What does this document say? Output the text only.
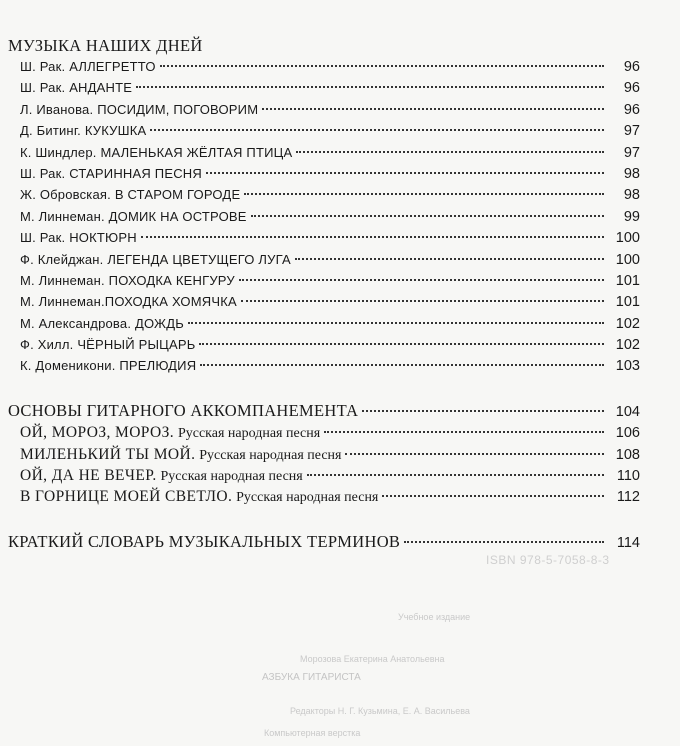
МУЗЫКА НАШИХ ДНЕЙ
Ш. Рак. АЛЛЕГРЕТТО	96
Ш. Рак. АНДАНТЕ	96
Л. Иванова. ПОСИДИМ, ПОГОВОРИМ	96
Д. Битинг. КУКУШКА	97
К. Шиндлер. МАЛЕНЬКАЯ ЖЁЛТАЯ ПТИЦА	97
Ш. Рак. СТАРИННАЯ ПЕСНЯ	98
Ж. Обровская. В СТАРОМ ГОРОДЕ	98
М. Линнеман. ДОМИК НА ОСТРОВЕ	99
Ш. Рак. НОКТЮРН	100
Ф. Клейджан. ЛЕГЕНДА ЦВЕТУЩЕГО ЛУГА	100
М. Линнеман. ПОХОДКА КЕНГУРУ	101
М. Линнеман.ПОХОДКА ХОМЯЧКА	101
М. Александрова. ДОЖДЬ	102
Ф. Хилл. ЧЁРНЫЙ РЫЦАРЬ	102
К. Доменикони. ПРЕЛЮДИЯ	103
ОСНОВЫ ГИТАРНОГО АККОМПАНЕМЕНТА	104
ОЙ, МОРОЗ, МОРОЗ. Русская народная песня	106
МИЛЕНЬКИЙ ТЫ МОЙ. Русская народная песня	108
ОЙ, ДА НЕ ВЕЧЕР. Русская народная песня	110
В ГОРНИЦЕ МОЕЙ СВЕТЛО. Русская народная песня	112
КРАТКИЙ СЛОВАРЬ МУЗЫКАЛЬНЫХ ТЕРМИНОВ	114
ISBN 978-5-7058-8-3
Учебное издание
Морозова Екатерина Анатольевна
АЗБУКА ГИТАРИСТА
Редакторы Н. Г. Кузьмина, Е. А. Васильева
Компьютерная верстка
